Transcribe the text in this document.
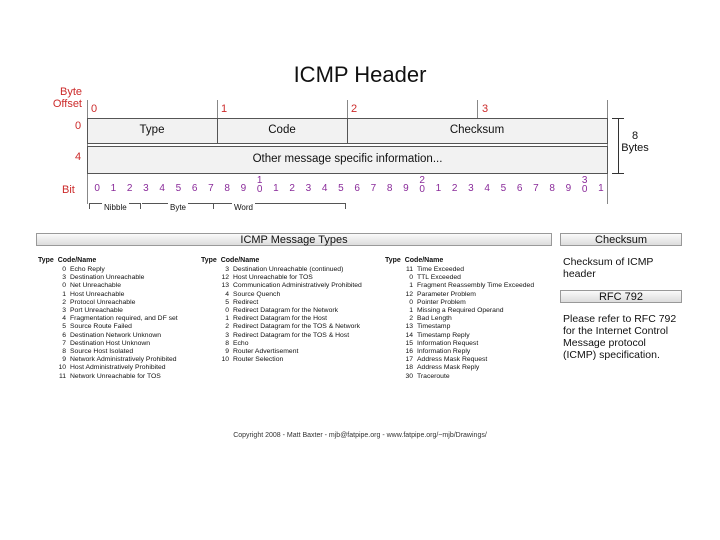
ICMP Header
Byte
Offset
0
4
0	1	2	3
Type	Code	Checksum
Other message specific information...
8
Bytes
Bit	0	1	2	3	4	5	6	7	8	9
1
0	1	2	3	4	5	6	7	8	9
2
0	1	2	3	4	5	6	7	8	9
3
0	1
Nibble	Byte	Word
ICMP Message Types	Checksum
Type Code/Name	Type Code/Name	Type Code/Name
0 Echo Reply
3 Destination Unreachable
0 Net Unreachable
1 Host Unreachable
2 Protocol Unreachable
3 Port Unreachable
4 Fragmentation required, and DF set
5 Source Route Failed
6 Destination Network Unknown
7 Destination Host Unknown
8 Source Host Isolated
9 Network Administratively Prohibited
10 Host Administratively Prohibited
11 Network Unreachable for TOS
3 Destination Unreachable (continued)
12 Host Unreachable for TOS
13 Communication Administratively Prohibited
4 Source Quench
5 Redirect
0 Redirect Datagram for the Network
1 Redirect Datagram for the Host
2 Redirect Datagram for the TOS & Network
3 Redirect Datagram for the TOS & Host
8 Echo
9 Router Advertisement
10 Router Selection
11 Time Exceeded
0 TTL Exceeded
1 Fragment Reassembly Time Exceeded
12 Parameter Problem
0 Pointer Problem
1 Missing a Required Operand
2 Bad Length
13 Timestamp
14 Timestamp Reply
15 Information Request
16 Information Reply
17 Address Mask Request
18 Address Mask Reply
30 Traceroute
Checksum of ICMP header
RFC 792
Please refer to RFC 792 for the Internet Control Message protocol (ICMP) specification.
Copyright 2008 - Matt Baxter - mjb@fatpipe.org - www.fatpipe.org/~mjb/Drawings/
